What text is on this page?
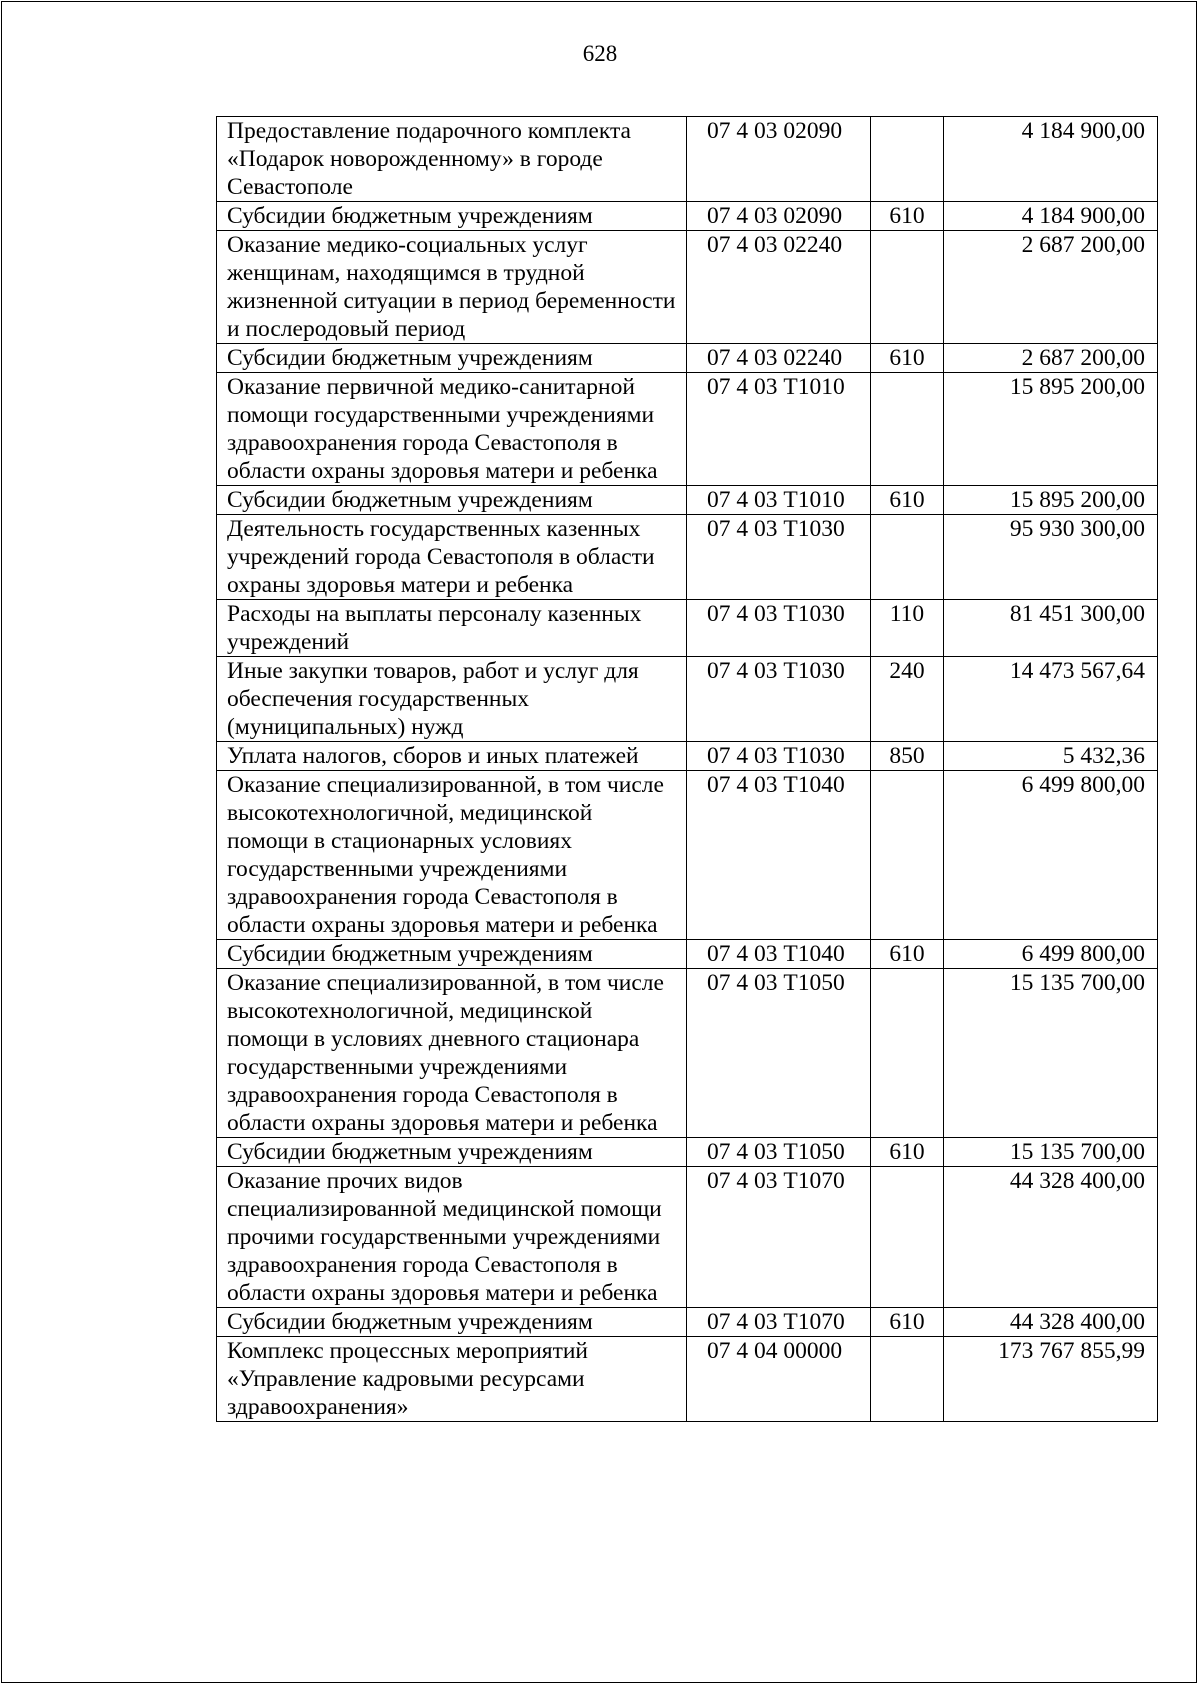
628
Предоставление подарочного комплекта «Подарок новорожденному» в городе Севастополе	07 4 03 02090		4 184 900,00
Субсидии бюджетным учреждениям	07 4 03 02090	610	4 184 900,00
Оказание медико-социальных услуг женщинам, находящимся в трудной жизненной ситуации в период беременности и послеродовый период	07 4 03 02240		2 687 200,00
Субсидии бюджетным учреждениям	07 4 03 02240	610	2 687 200,00
Оказание первичной медико-санитарной помощи государственными учреждениями здравоохранения города Севастополя в области охраны здоровья матери и ребенка	07 4 03 Т1010		15 895 200,00
Субсидии бюджетным учреждениям	07 4 03 Т1010	610	15 895 200,00
Деятельность государственных казенных учреждений города Севастополя в области охраны здоровья матери и ребенка	07 4 03 Т1030		95 930 300,00
Расходы на выплаты персоналу казенных учреждений	07 4 03 Т1030	110	81 451 300,00
Иные закупки товаров, работ и услуг для обеспечения государственных (муниципальных) нужд	07 4 03 Т1030	240	14 473 567,64
Уплата налогов, сборов и иных платежей	07 4 03 Т1030	850	5 432,36
Оказание специализированной, в том числе высокотехнологичной, медицинской помощи в стационарных условиях государственными учреждениями здравоохранения города Севастополя в области охраны здоровья матери и ребенка	07 4 03 Т1040		6 499 800,00
Субсидии бюджетным учреждениям	07 4 03 Т1040	610	6 499 800,00
Оказание специализированной, в том числе высокотехнологичной, медицинской помощи в условиях дневного стационара государственными учреждениями здравоохранения города Севастополя в области охраны здоровья матери и ребенка	07 4 03 Т1050		15 135 700,00
Субсидии бюджетным учреждениям	07 4 03 Т1050	610	15 135 700,00
Оказание прочих видов специализированной медицинской помощи прочими государственными учреждениями здравоохранения города Севастополя в области охраны здоровья матери и ребенка	07 4 03 Т1070		44 328 400,00
Субсидии бюджетным учреждениям	07 4 03 Т1070	610	44 328 400,00
Комплекс процессных мероприятий «Управление кадровыми ресурсами здравоохранения»	07 4 04 00000		173 767 855,99
